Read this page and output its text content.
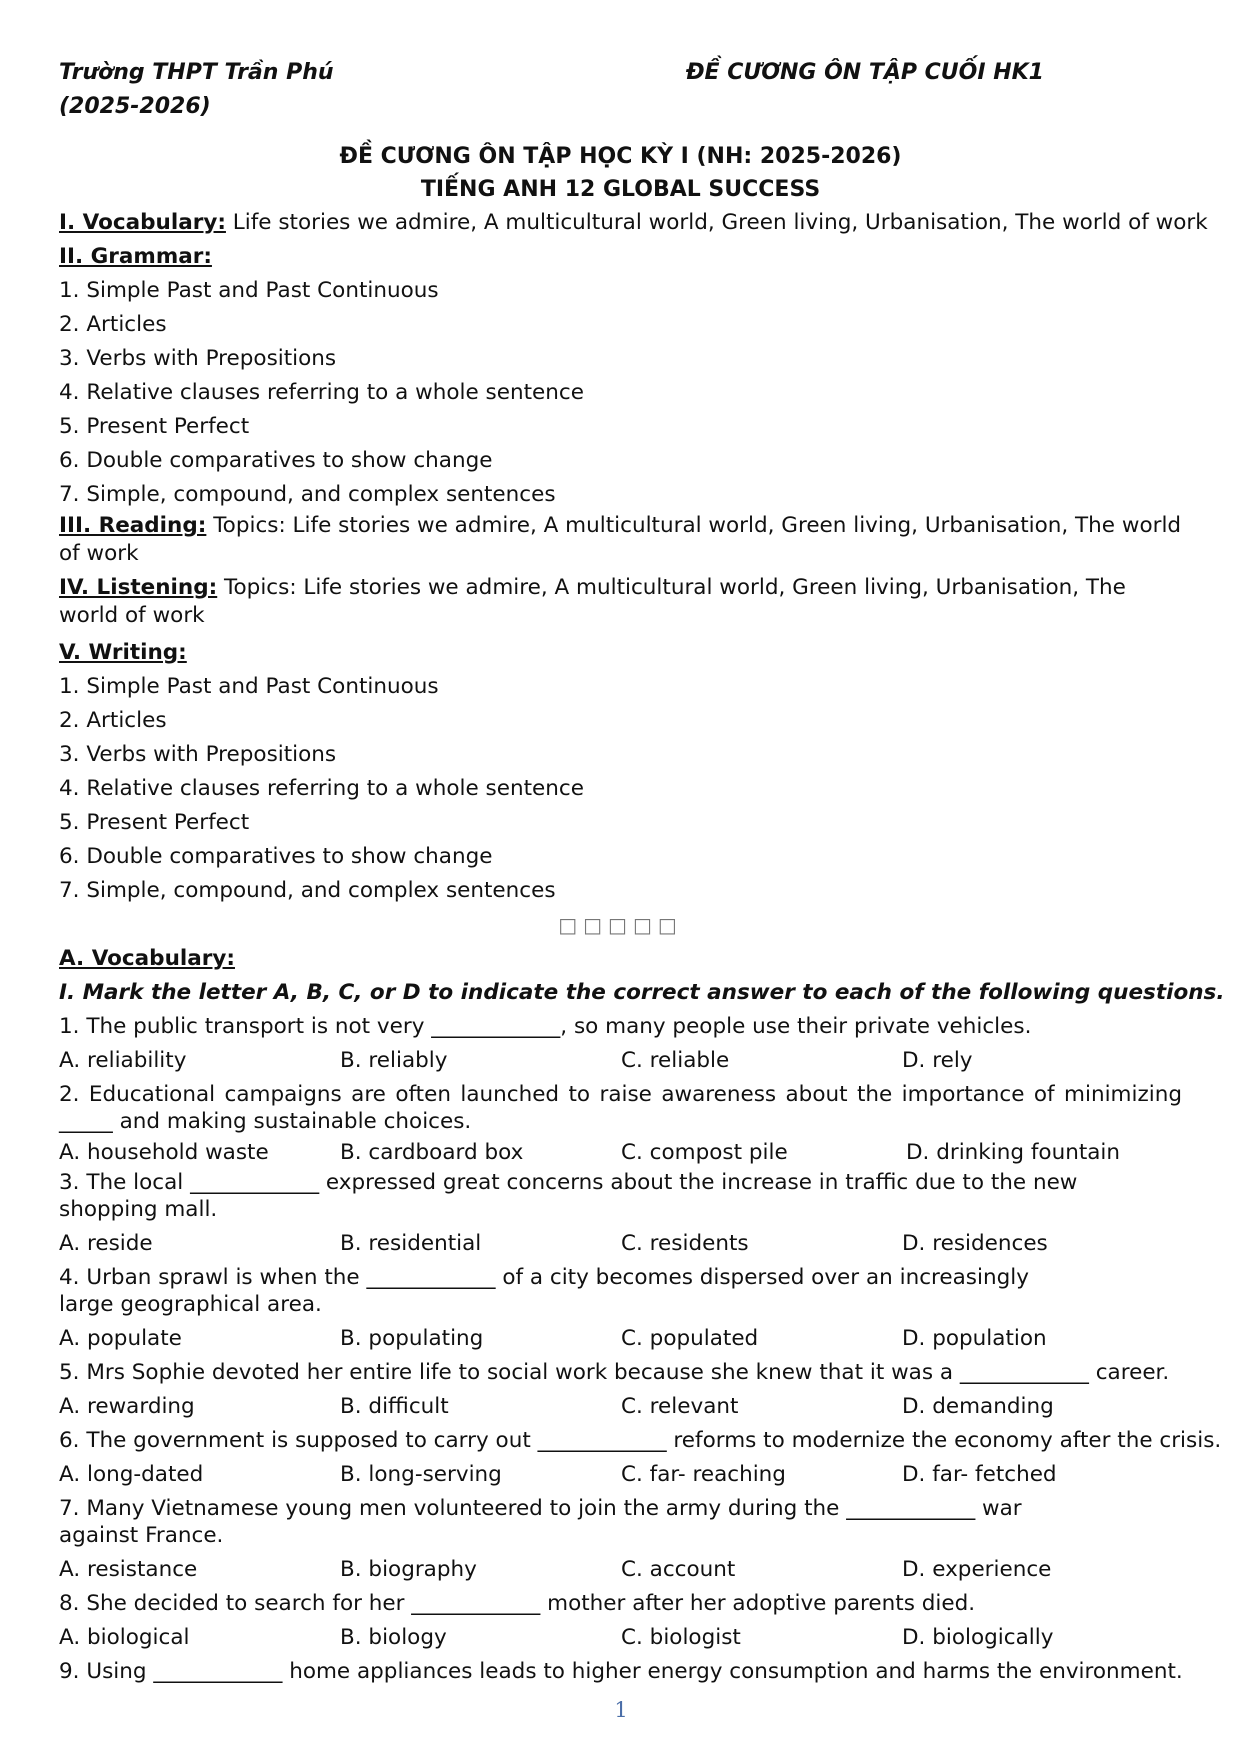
Trường THPT Trần Phú
(2025-2026)
ĐỀ CƯƠNG ÔN TẬP CUỐI HK1
ĐỀ CƯƠNG ÔN TẬP HỌC KỲ I (NH: 2025-2026)
TIẾNG ANH 12 GLOBAL SUCCESS
I. Vocabulary: Life stories we admire, A multicultural world, Green living, Urbanisation, The world of work
II. Grammar:
1. Simple Past and Past Continuous
2. Articles
3. Verbs with Prepositions
4. Relative clauses referring to a whole sentence
5. Present Perfect
6. Double comparatives to show change
7. Simple, compound, and complex sentences
III. Reading: Topics: Life stories we admire, A multicultural world, Green living, Urbanisation, The world of work
IV. Listening: Topics: Life stories we admire, A multicultural world, Green living, Urbanisation, The world of work
V. Writing:
1. Simple Past and Past Continuous
2. Articles
3. Verbs with Prepositions
4. Relative clauses referring to a whole sentence
5. Present Perfect
6. Double comparatives to show change
7. Simple, compound, and complex sentences
□□□□□
A. Vocabulary:
I. Mark the letter A, B, C, or D to indicate the correct answer to each of the following questions.
1. The public transport is not very ____________, so many people use their private vehicles.
A. reliability	B. reliably	C. reliable	D. rely
2. Educational campaigns are often launched to raise awareness about the importance of minimizing _____ and making sustainable choices.
A. household waste	B. cardboard box	C. compost pile	D. drinking fountain
3. The local ____________ expressed great concerns about the increase in traffic due to the new shopping mall.
A. reside	B. residential	C. residents	D. residences
4. Urban sprawl is when the ____________ of a city becomes dispersed over an increasingly large geographical area.
A. populate	B. populating	C. populated	D. population
5. Mrs Sophie devoted her entire life to social work because she knew that it was a ____________ career.
A. rewarding	B. difficult	C. relevant	D. demanding
6. The government is supposed to carry out ____________ reforms to modernize the economy after the crisis.
A. long-dated	B. long-serving	C. far- reaching	D. far- fetched
7. Many Vietnamese young men volunteered to join the army during the ____________ war against France.
A. resistance	B. biography	C. account	D. experience
8. She decided to search for her ____________ mother after her adoptive parents died.
A. biological	B. biology	C. biologist	D. biologically
9. Using ____________ home appliances leads to higher energy consumption and harms the environment.
1
